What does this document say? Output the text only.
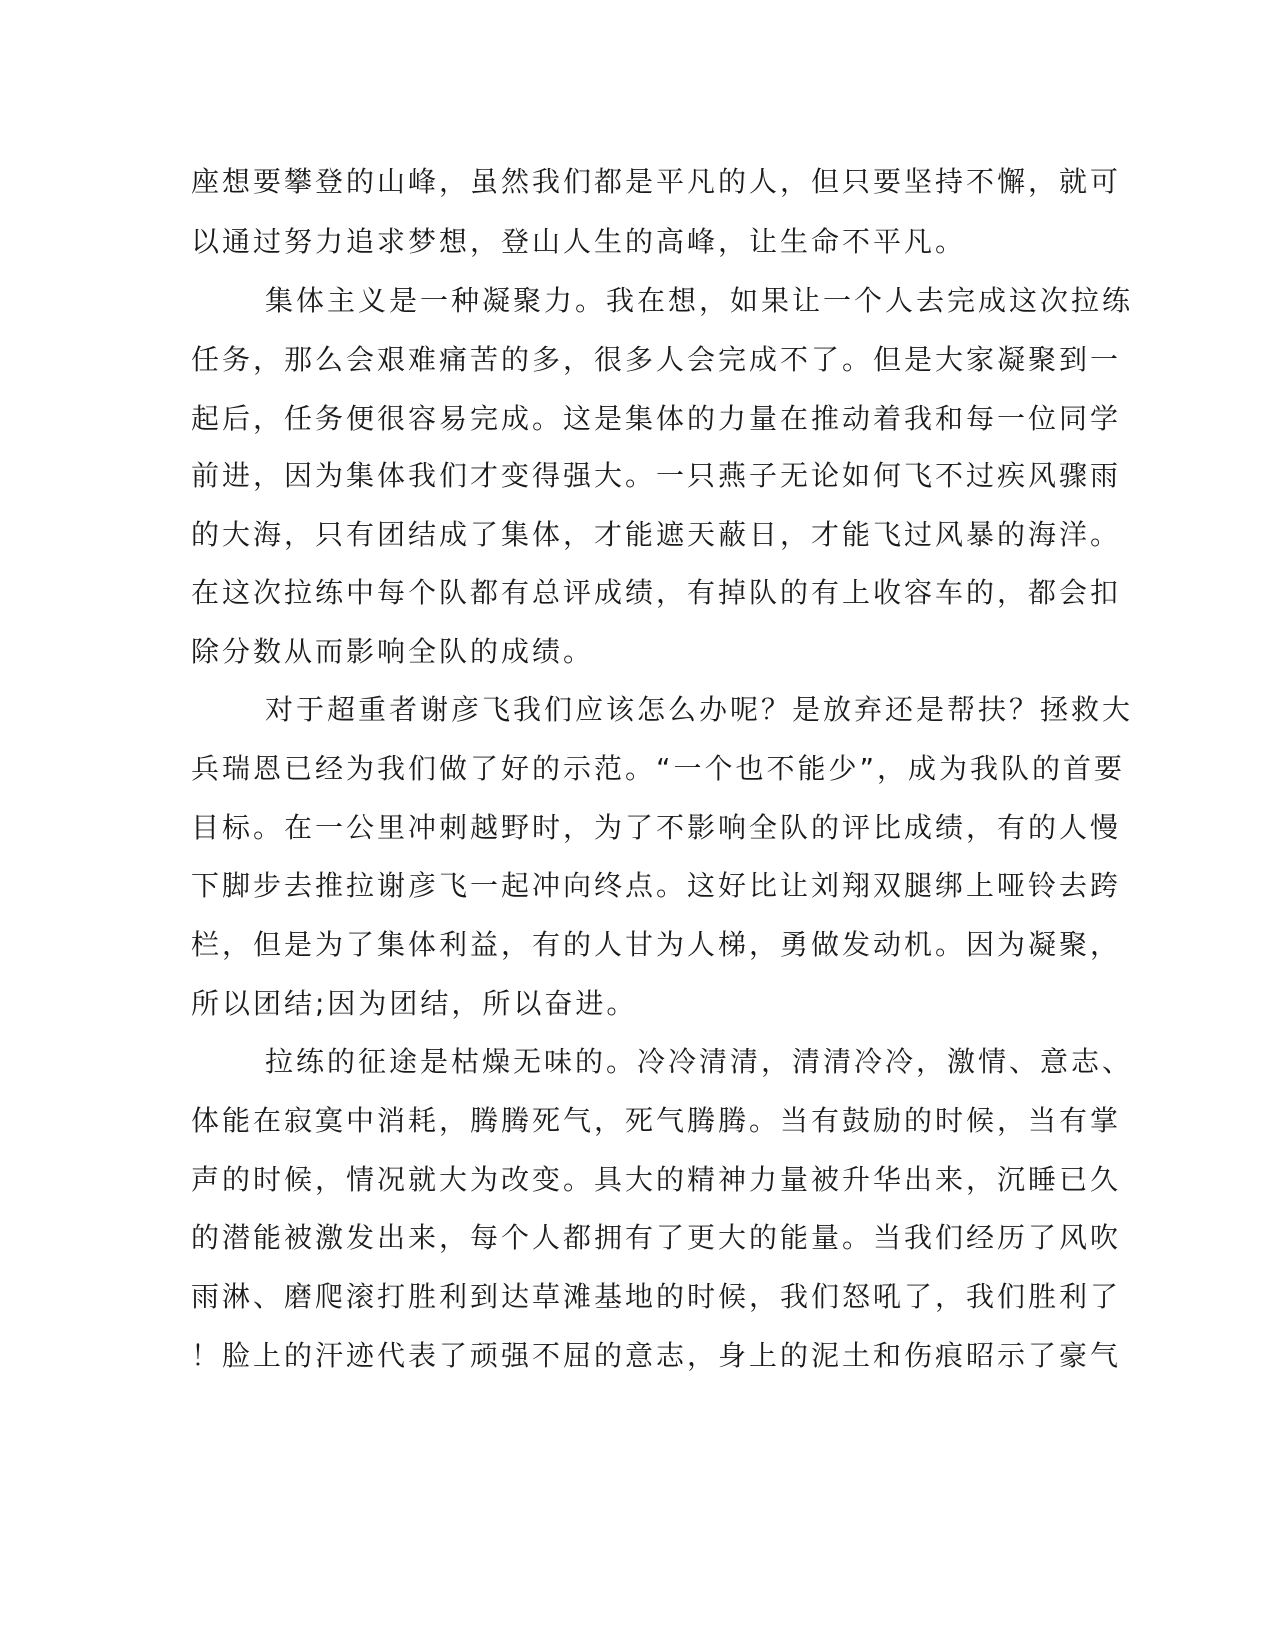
座想要攀登的山峰，虽然我们都是平凡的人，但只要坚持不懈，就可
以通过努力追求梦想，登山人生的高峰，让生命不平凡。
集体主义是一种凝聚力。我在想，如果让一个人去完成这次拉练
任务，那么会艰难痛苦的多，很多人会完成不了。但是大家凝聚到一
起后，任务便很容易完成。这是集体的力量在推动着我和每一位同学
前进，因为集体我们才变得强大。一只燕子无论如何飞不过疾风骤雨
的大海，只有团结成了集体，才能遮天蔽日，才能飞过风暴的海洋。
在这次拉练中每个队都有总评成绩，有掉队的有上收容车的，都会扣
除分数从而影响全队的成绩。
对于超重者谢彦飞我们应该怎么办呢？是放弃还是帮扶？拯救大
兵瑞恩已经为我们做了好的示范。“一个也不能少”，成为我队的首要
目标。在一公里冲刺越野时，为了不影响全队的评比成绩，有的人慢
下脚步去推拉谢彦飞一起冲向终点。这好比让刘翔双腿绑上哑铃去跨
栏，但是为了集体利益，有的人甘为人梯，勇做发动机。因为凝聚，
所以团结;因为团结，所以奋进。
拉练的征途是枯燥无味的。冷冷清清，清清冷冷，激情、意志、
体能在寂寞中消耗，腾腾死气，死气腾腾。当有鼓励的时候，当有掌
声的时候，情况就大为改变。具大的精神力量被升华出来，沉睡已久
的潜能被激发出来，每个人都拥有了更大的能量。当我们经历了风吹
雨淋、磨爬滚打胜利到达草滩基地的时候，我们怒吼了，我们胜利了
！脸上的汗迹代表了顽强不屈的意志，身上的泥土和伤痕昭示了豪气
